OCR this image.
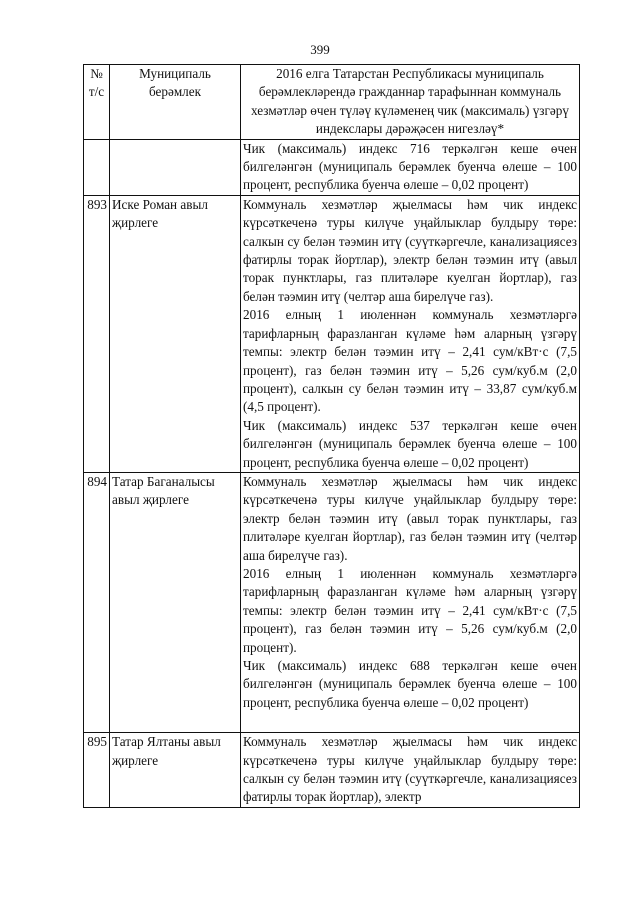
399
№ т/с	Муниципаль берәмлек	2016 елга Татарстан Республикасы муниципаль берәмлекләрендә гражданнар тарафыннан коммуналь хезмәтләр өчен түләү күләменең чик (максималь) үзгәрү индекслары дәрәҗәсен нигезләү*

		Чик (максималь) индекс 716 теркәлгән кеше өчен билгеләнгән (муниципаль берәмлек буенча өлеше – 100 процент, республика буенча өлеше – 0,02 процент)

893	Иске Роман авыл җирлеге	Коммуналь хезмәтләр җыелмасы һәм чик индекс күрсәткеченә туры килүче уңайлыклар булдыру төре: салкын су белән тәэмин итү (суүткәргечле, канализациясез фатирлы торак йортлар), электр белән тәэмин итү (авыл торак пунктлары, газ плитәләре куелган йортлар), газ белән тәэмин итү (челтәр аша бирелүче газ).
2016 елның 1 июленнән коммуналь хезмәтләргә тарифларның фаразланган күләме һәм аларның үзгәрү темпы: электр белән тәэмин итү – 2,41 сум/кВт·с (7,5 процент), газ белән тәэмин итү – 5,26 сум/куб.м (2,0 процент), салкын су белән тәэмин итү – 33,87 сум/куб.м (4,5 процент).
Чик (максималь) индекс 537 теркәлгән кеше өчен билгеләнгән (муниципаль берәмлек буенча өлеше – 100 процент, республика буенча өлеше – 0,02 процент)

894	Татар Баганалысы авыл җирлеге	Коммуналь хезмәтләр җыелмасы һәм чик индекс күрсәткеченә туры килүче уңайлыклар булдыру төре: электр белән тәэмин итү (авыл торак пунктлары, газ плитәләре куелган йортлар), газ белән тәэмин итү (челтәр аша бирелүче газ).
2016 елның 1 июленнән коммуналь хезмәтләргә тарифларның фаразланган күләме һәм аларның үзгәрү темпы: электр белән тәэмин итү – 2,41 сум/кВт·с (7,5 процент), газ белән тәэмин итү – 5,26 сум/куб.м (2,0 процент).
Чик (максималь) индекс 688 теркәлгән кеше өчен билгеләнгән (муниципаль берәмлек буенча өлеше – 100 процент, республика буенча өлеше – 0,02 процент)

895	Татар Ялтаны авыл җирлеге	Коммуналь хезмәтләр җыелмасы һәм чик индекс күрсәткеченә туры килүче уңайлыклар булдыру төре: салкын су белән тәэмин итү (суүткәргечле, канализациясез фатирлы торак йортлар), электр
